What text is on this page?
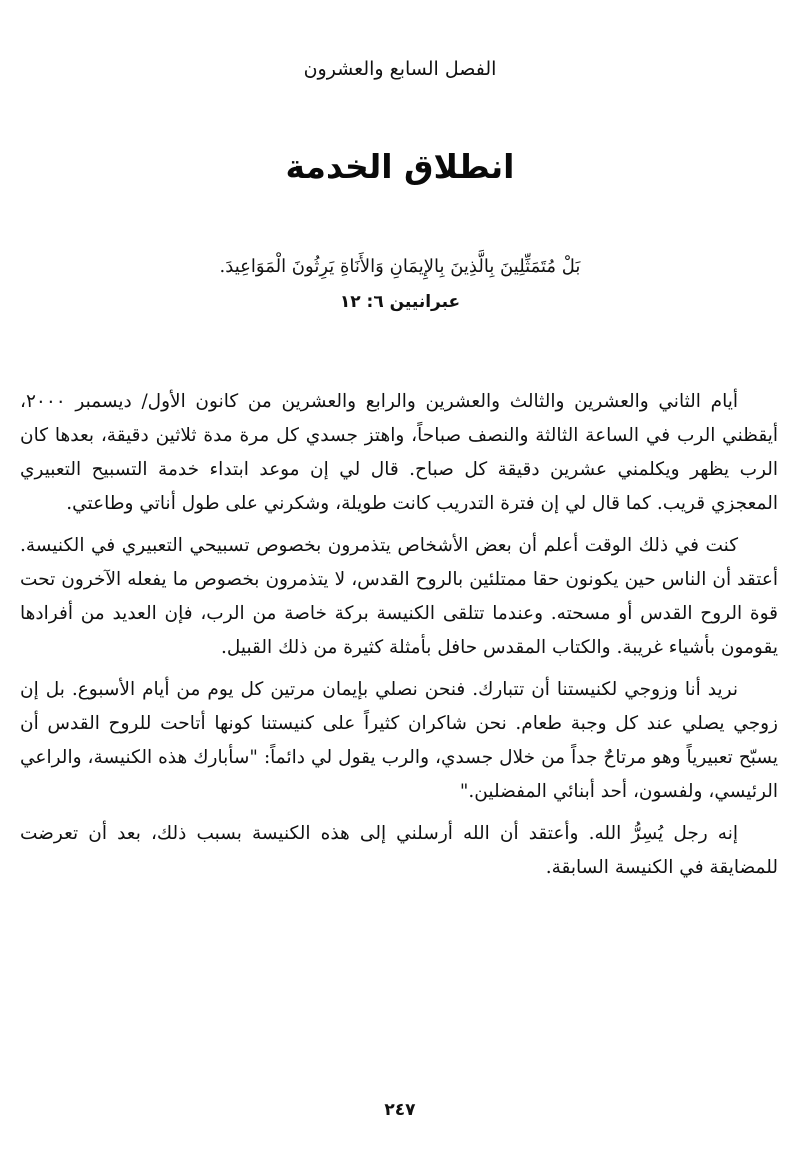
الفصل السابع والعشرون
انطلاق الخدمة
بَلْ مُتَمَثِّلِينَ بِالَّذِينَ بِالإِيمَانِ وَالأَنَاةِ يَرِثُونَ الْمَوَاعِيدَ.
عبرانيين ٦: ١٢

أيام الثاني والعشرين والثالث والعشرين والرابع والعشرين من كانون الأول/ ديسمبر ٢٠٠٠، أيقظني الرب في الساعة الثالثة والنصف صباحاً، واهتز جسدي كل مرة مدة ثلاثين دقيقة، بعدها كان الرب يظهر ويكلمني عشرين دقيقة كل صباح. قال لي إن موعد ابتداء خدمة التسبيح التعبيري المعجزي قريب. كما قال لي إن فترة التدريب كانت طويلة، وشكرني على طول أناتي وطاعتي.

كنت في ذلك الوقت أعلم أن بعض الأشخاص يتذمرون بخصوص تسبيحي التعبيري في الكنيسة. أعتقد أن الناس حين يكونون حقا ممتلئين بالروح القدس، لا يتذمرون بخصوص ما يفعله الآخرون تحت قوة الروح القدس أو مسحته. وعندما تتلقى الكنيسة بركة خاصة من الرب، فإن العديد من أفرادها يقومون بأشياء غريبة. والكتاب المقدس حافل بأمثلة كثيرة من ذلك القبيل.

نريد أنا وزوجي لكنيستنا أن تتبارك. فنحن نصلي بإيمان مرتين كل يوم من أيام الأسبوع. بل إن زوجي يصلي عند كل وجبة طعام. نحن شاكران كثيراً على كنيستنا كونها أتاحت للروح القدس أن يسبّح تعبيرياً وهو مرتاحٌ جداً من خلال جسدي، والرب يقول لي دائماً: "سأبارك هذه الكنيسة، والراعي الرئيسي، ولفسون، أحد أبنائي المفضلين."

إنه رجل يُسِرُّ الله. وأعتقد أن الله أرسلني إلى هذه الكنيسة بسبب ذلك، بعد أن تعرضت للمضايقة في الكنيسة السابقة.

٢٤٧
